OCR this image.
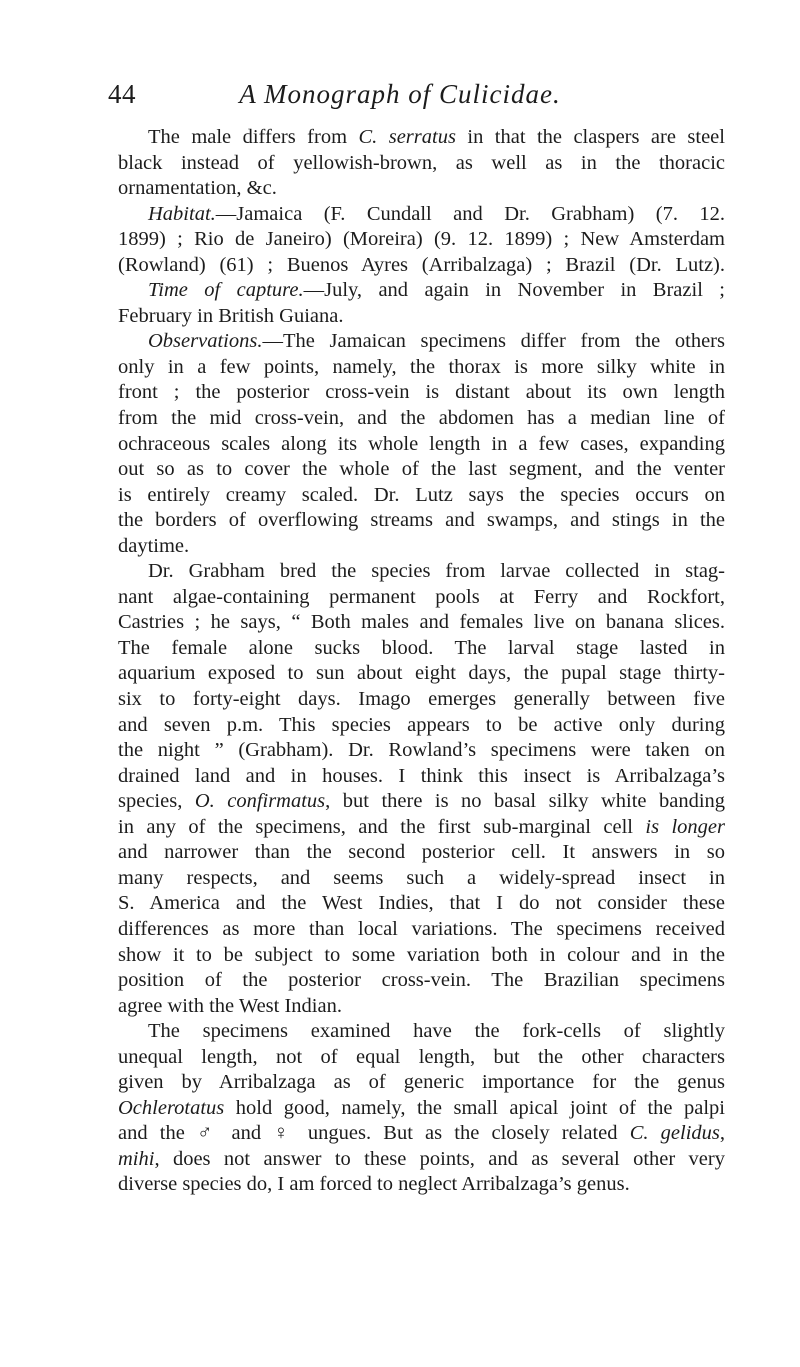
A Monograph of Culicidae.
44
The male differs from C. serratus in that the claspers are steel
black instead of yellowish-brown, as well as in the thoracic
ornamentation, &c.
Habitat.—Jamaica (F. Cundall and Dr. Grabham) (7. 12.
1899) ; Rio de Janeiro) (Moreira) (9. 12. 1899) ; New Amsterdam
(Rowland) (61) ; Buenos Ayres (Arribalzaga) ; Brazil (Dr. Lutz).
Time of capture.—July, and again in November in Brazil ;
February in British Guiana.
Observations.—The Jamaican specimens differ from the others
only in a few points, namely, the thorax is more silky white in
front ; the posterior cross-vein is distant about its own length
from the mid cross-vein, and the abdomen has a median line of
ochraceous scales along its whole length in a few cases, expanding
out so as to cover the whole of the last segment, and the venter
is entirely creamy scaled. Dr. Lutz says the species occurs on
the borders of overflowing streams and swamps, and stings in the
daytime.
Dr. Grabham bred the species from larvae collected in stag-
nant algae-containing permanent pools at Ferry and Rockfort,
Castries ; he says, “ Both males and females live on banana slices.
The female alone sucks blood. The larval stage lasted in
aquarium exposed to sun about eight days, the pupal stage thirty-
six to forty-eight days. Imago emerges generally between five
and seven p.m. This species appears to be active only during
the night ” (Grabham). Dr. Rowland’s specimens were taken on
drained land and in houses. I think this insect is Arribalzaga’s
species, O. confirmatus, but there is no basal silky white banding
in any of the specimens, and the first sub-marginal cell is longer
and narrower than the second posterior cell. It answers in so
many respects, and seems such a widely-spread insect in
S. America and the West Indies, that I do not consider these
differences as more than local variations. The specimens received
show it to be subject to some variation both in colour and in the
position of the posterior cross-vein. The Brazilian specimens
agree with the West Indian.
The specimens examined have the fork-cells of slightly
unequal length, not of equal length, but the other characters
given by Arribalzaga as of generic importance for the genus
Ochlerotatus hold good, namely, the small apical joint of the palpi
and the ♂ and ♀ ungues. But as the closely related C. gelidus,
mihi, does not answer to these points, and as several other very
diverse species do, I am forced to neglect Arribalzaga’s genus.
